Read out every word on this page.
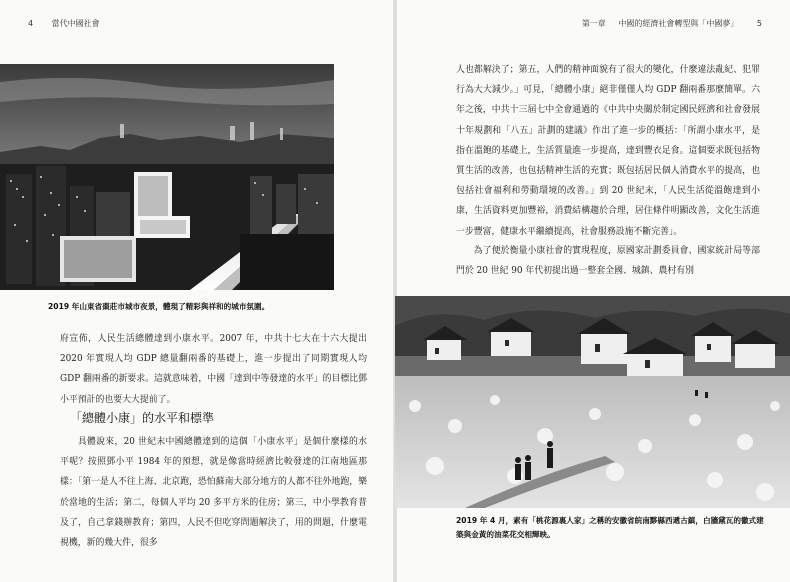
4 當代中國社會	第一章 中國的經濟社會轉型與「中國夢」 5
2019 年山東省棗莊市城市夜景，體現了精彩與祥和的城市氛圍。

府宣佈，人民生活總體達到小康水平。2007 年，中共十七大在十六大提出 2020 年實現人均 GDP 總量翻兩番的基礎上，進一步提出了同期實現人均 GDP 翻兩番的新要求。這就意味着，中國「達到中等發達的水平」的目標比鄧小平預計的也要大大提前了。

「總體小康」的水平和標準

具體說來，20 世紀末中國總體達到的這個「小康水平」是個什麼樣的水平呢？按照鄧小平 1984 年的預想，就是像當時經濟比較發達的江南地區那樣：「第一是人不往上海、北京跑，恐怕蘇南大部分地方的人都不往外地跑，樂於當地的生活；第二，每個人平均 20 多平方米的住房；第三，中小學教育普及了，自己拿錢辦教育；第四，人民不但吃穿問題解決了，用的問題，什麼電視機，新的幾大件，很多

人也都解決了；第五，人們的精神面貌有了很大的變化，什麼違法亂紀、犯罪行為大大減少。」可見，「總體小康」絕非僅僅人均 GDP 翻兩番那麼簡單。六年之後，中共十三屆七中全會通過的《中共中央關於制定國民經濟和社會發展十年規劃和「八五」計劃的建議》作出了進一步的概括：「所謂小康水平，是指在溫飽的基礎上，生活質量進一步提高，達到豐衣足食。這個要求既包括物質生活的改善，也包括精神生活的充實；既包括居民個人消費水平的提高，也包括社會福利和勞動環境的改善。」到 20 世紀末，「人民生活從溫飽達到小康，生活資料更加豐裕，消費結構趨於合理，居住條件明顯改善，文化生活進一步豐富，健康水平繼續提高，社會服務設施不斷完善」。

為了便於衡量小康社會的實現程度，原國家計劃委員會、國家統計局等部門於 20 世紀 90 年代初提出過一整套全國、城鎮、農村有別

2019 年 4 月，素有「桃花源裏人家」之稱的安徽省皖南黟縣西遞古鎮，白牆黛瓦的徽式建築與金黃的油菜花交相輝映。
